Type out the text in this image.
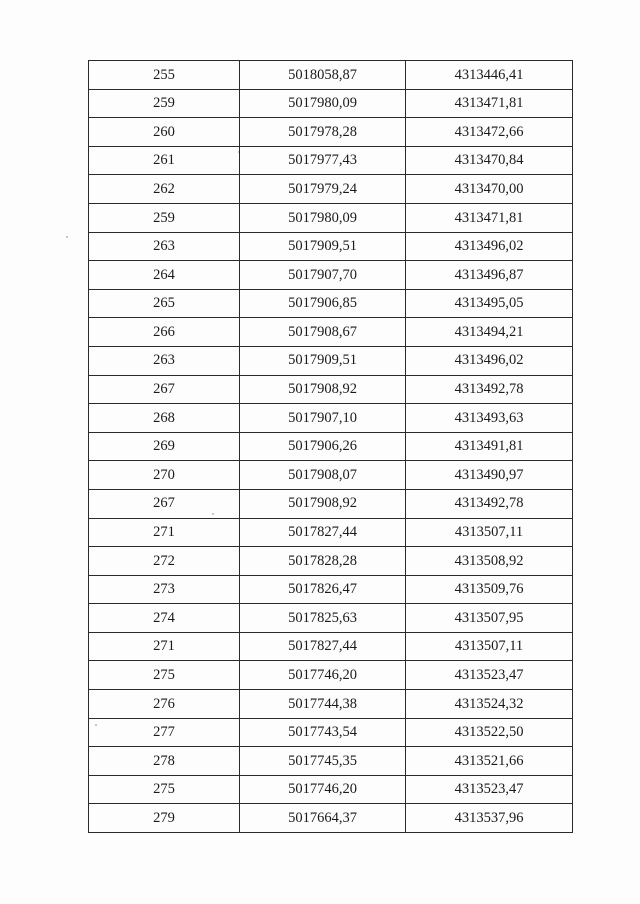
255	5018058,87	4313446,41
259	5017980,09	4313471,81
260	5017978,28	4313472,66
261	5017977,43	4313470,84
262	5017979,24	4313470,00
259	5017980,09	4313471,81
263	5017909,51	4313496,02
264	5017907,70	4313496,87
265	5017906,85	4313495,05
266	5017908,67	4313494,21
263	5017909,51	4313496,02
267	5017908,92	4313492,78
268	5017907,10	4313493,63
269	5017906,26	4313491,81
270	5017908,07	4313490,97
267	5017908,92	4313492,78
271	5017827,44	4313507,11
272	5017828,28	4313508,92
273	5017826,47	4313509,76
274	5017825,63	4313507,95
271	5017827,44	4313507,11
275	5017746,20	4313523,47
276	5017744,38	4313524,32
277	5017743,54	4313522,50
278	5017745,35	4313521,66
275	5017746,20	4313523,47
279	5017664,37	4313537,96
